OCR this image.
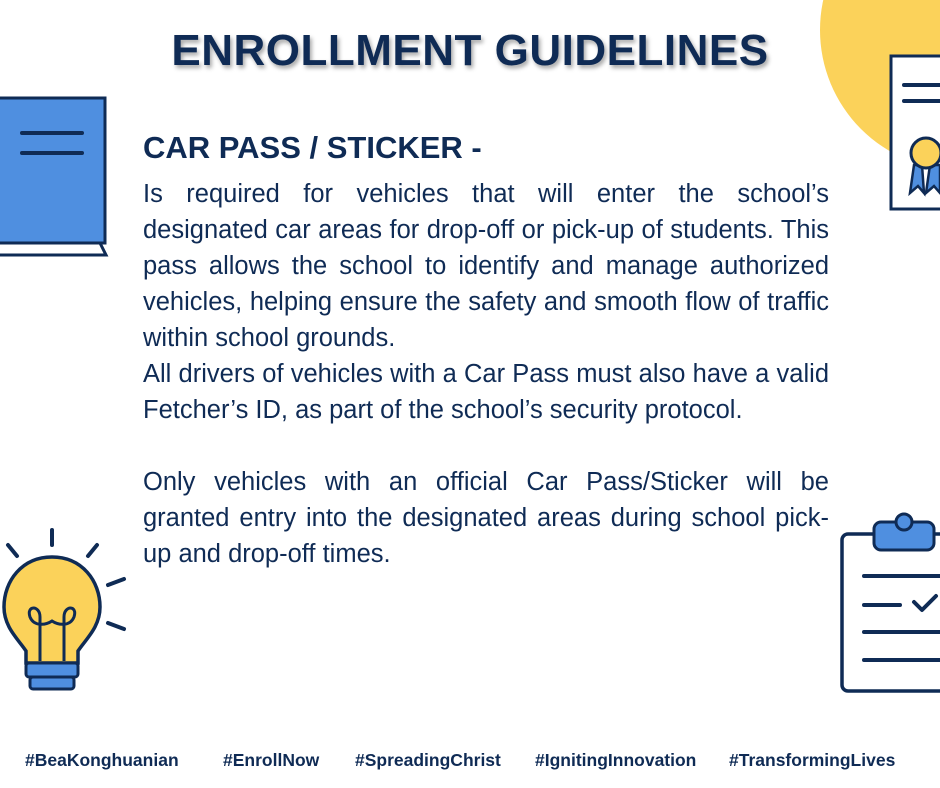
ENROLLMENT GUIDELINES
CAR PASS / STICKER -

Is required for vehicles that will enter the school’s designated car areas for drop-off or pick-up of students. This pass allows the school to identify and manage authorized vehicles, helping ensure the safety and smooth flow of traffic within school grounds.

All drivers of vehicles with a Car Pass must also have a valid Fetcher’s ID, as part of the school’s security protocol.

Only vehicles with an official Car Pass/Sticker will be granted entry into the designated areas during school pick-up and drop-off times.

#BeaKonghuanian	#EnrollNow #SpreadingChrist #IgnitingInnovation #TransformingLives
